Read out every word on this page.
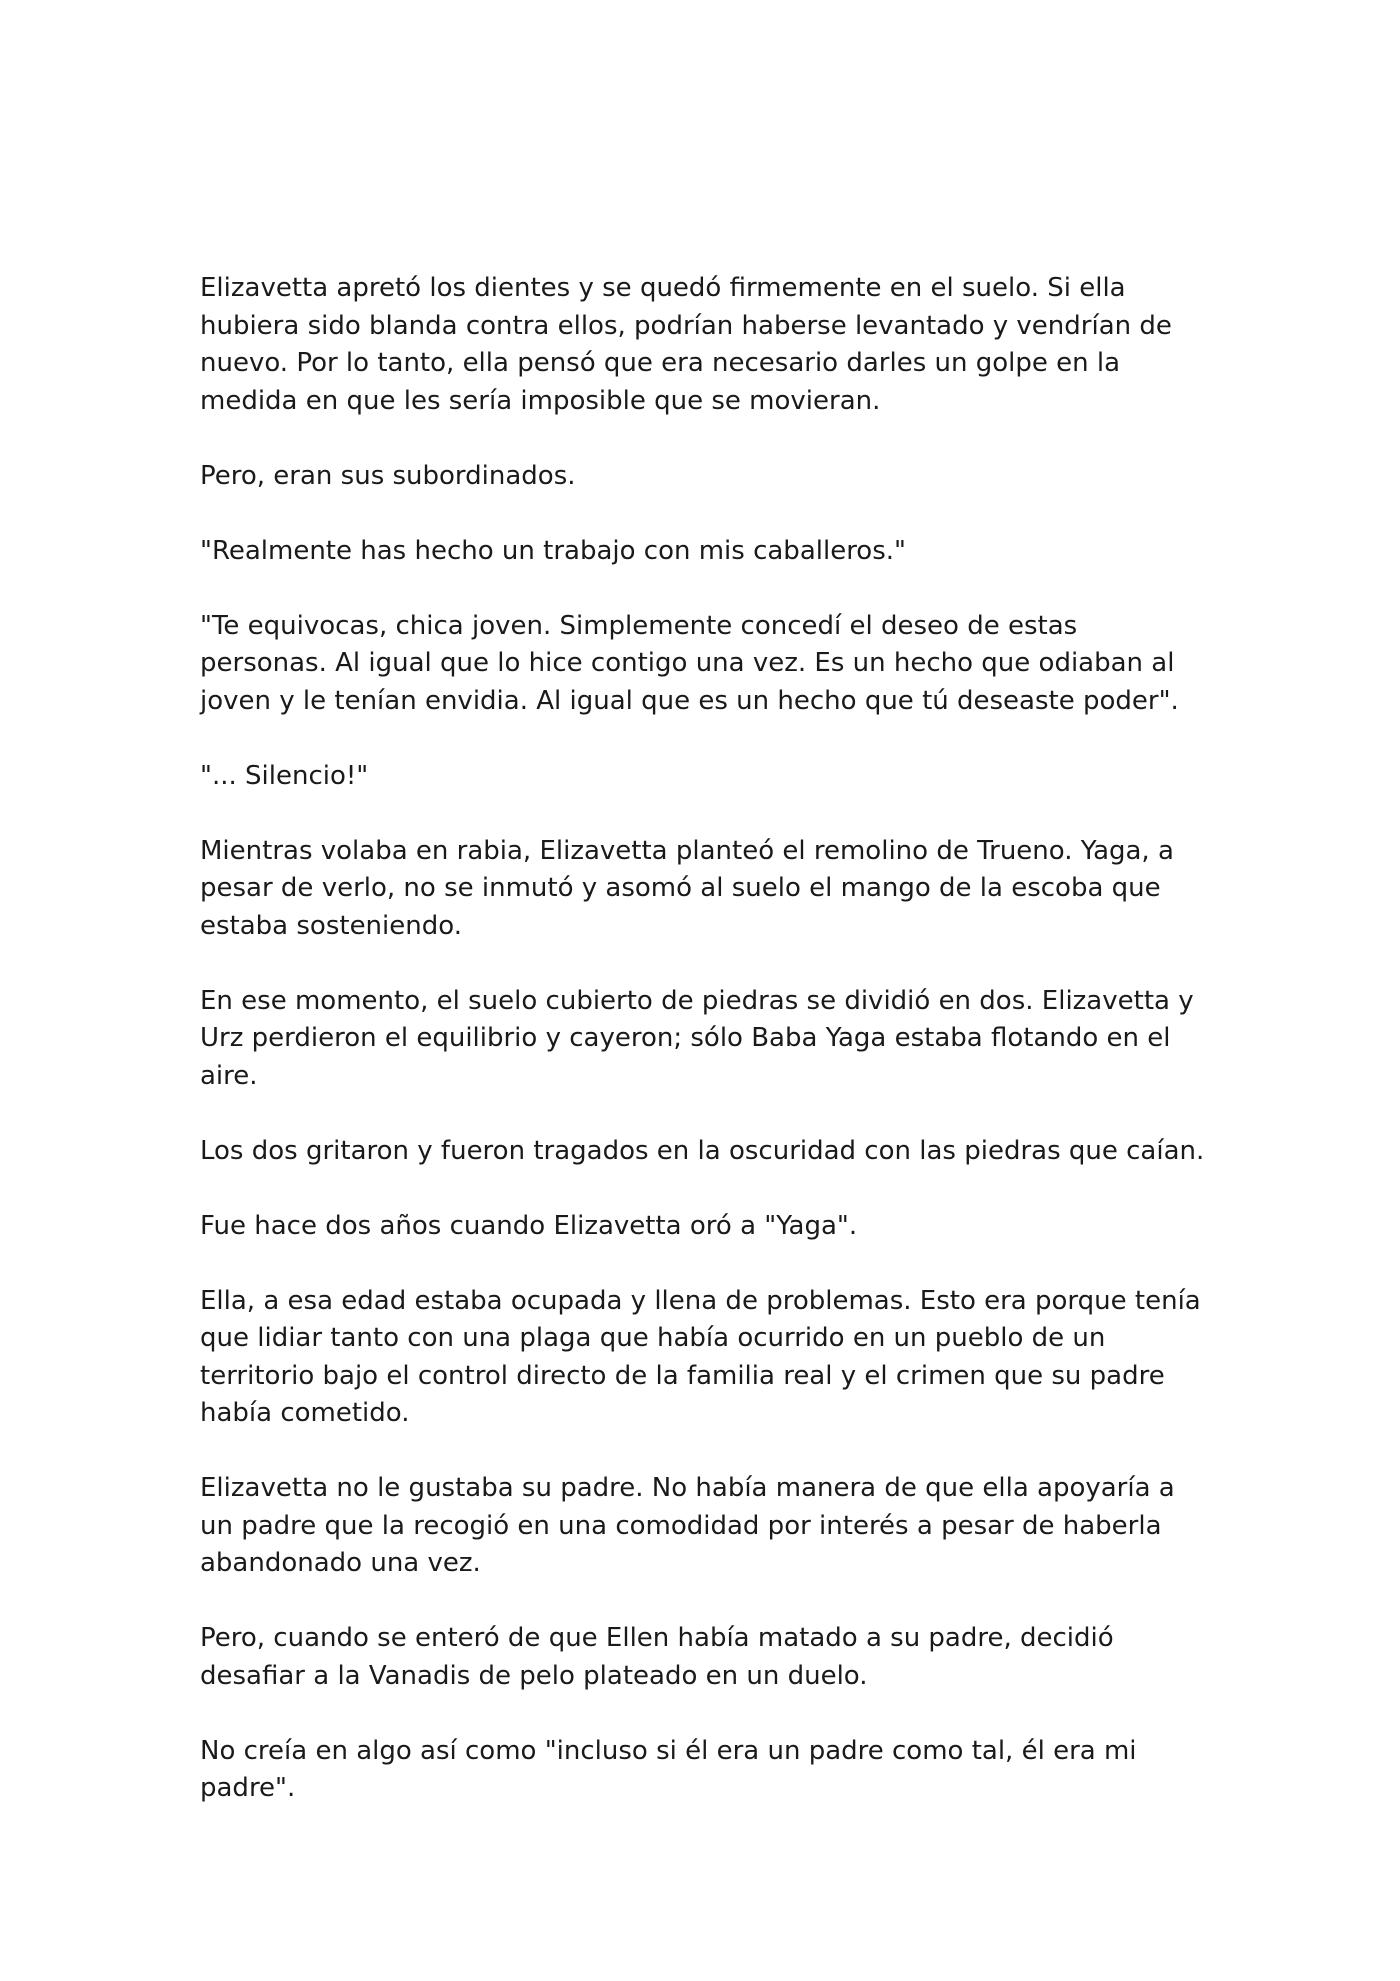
Elizavetta apretó los dientes y se quedó firmemente en el suelo. Si ella hubiera sido blanda contra ellos, podrían haberse levantado y vendrían de nuevo. Por lo tanto, ella pensó que era necesario darles un golpe en la medida en que les sería imposible que se movieran.

Pero, eran sus subordinados.

"Realmente has hecho un trabajo con mis caballeros."

"Te equivocas, chica joven. Simplemente concedí el deseo de estas personas. Al igual que lo hice contigo una vez. Es un hecho que odiaban al joven y le tenían envidia. Al igual que es un hecho que tú deseaste poder".

"... Silencio!"

Mientras volaba en rabia, Elizavetta planteó el remolino de Trueno. Yaga, a pesar de verlo, no se inmutó y asomó al suelo el mango de la escoba que estaba sosteniendo.

En ese momento, el suelo cubierto de piedras se dividió en dos. Elizavetta y Urz perdieron el equilibrio y cayeron; sólo Baba Yaga estaba flotando en el aire.

Los dos gritaron y fueron tragados en la oscuridad con las piedras que caían.

Fue hace dos años cuando Elizavetta oró a "Yaga".

Ella, a esa edad estaba ocupada y llena de problemas. Esto era porque tenía que lidiar tanto con una plaga que había ocurrido en un pueblo de un territorio bajo el control directo de la familia real y el crimen que su padre había cometido.

Elizavetta no le gustaba su padre. No había manera de que ella apoyaría a un padre que la recogió en una comodidad por interés a pesar de haberla abandonado una vez.

Pero, cuando se enteró de que Ellen había matado a su padre, decidió desafiar a la Vanadis de pelo plateado en un duelo.

No creía en algo así como "incluso si él era un padre como tal, él era mi padre".
